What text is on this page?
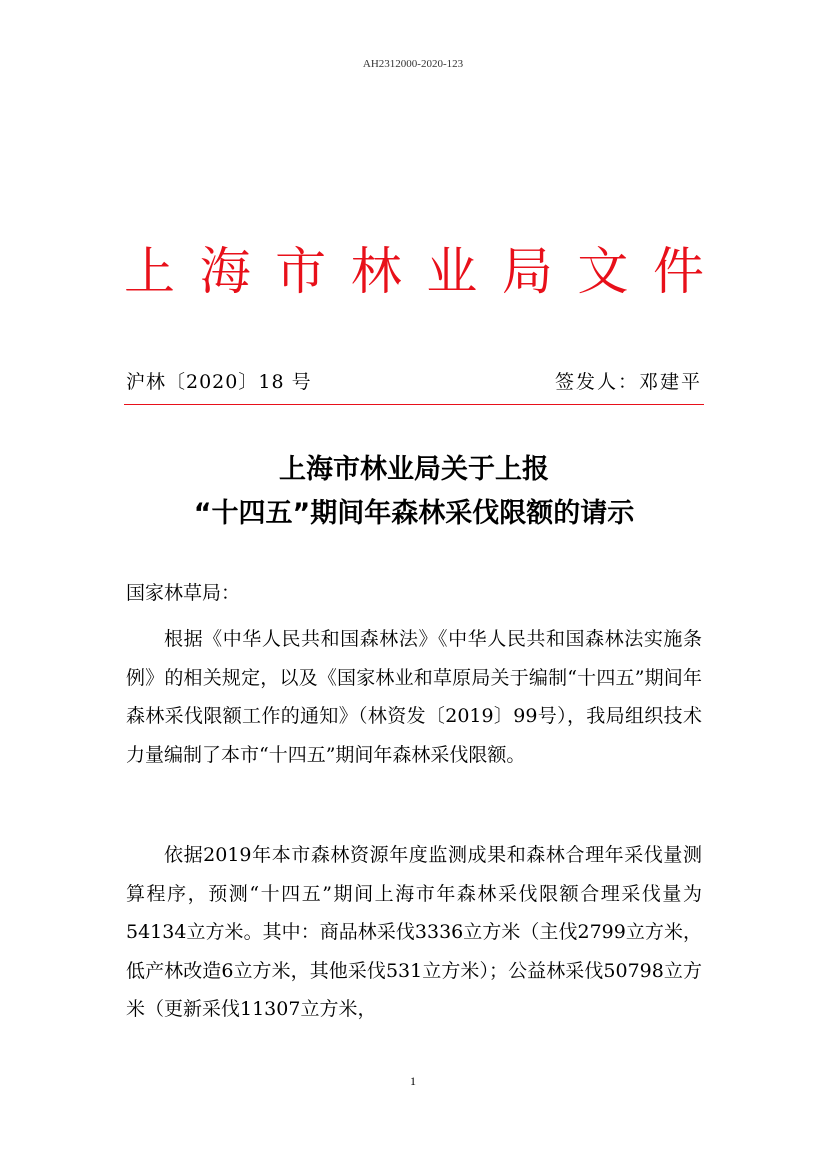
AH2312000-2020-123
上 海 市 林 业 局 文 件
沪林〔2020〕18 号	签发人：邓建平
上海市林业局关于上报
“十四五”期间年森林采伐限额的请示
国家林草局：

根据《中华人民共和国森林法》《中华人民共和国森林法实施条例》的相关规定，以及《国家林业和草原局关于编制“十四五”期间年森林采伐限额工作的通知》（林资发〔2019〕99号），我局组织技术力量编制了本市“十四五”期间年森林采伐限额。

依据2019年本市森林资源年度监测成果和森林合理年采伐量测算程序，预测“十四五”期间上海市年森林采伐限额合理采伐量为54134立方米。其中：商品林采伐3336立方米（主伐2799立方米，低产林改造6立方米，其他采伐531立方米）；公益林采伐50798立方米（更新采伐11307立方米，

1
